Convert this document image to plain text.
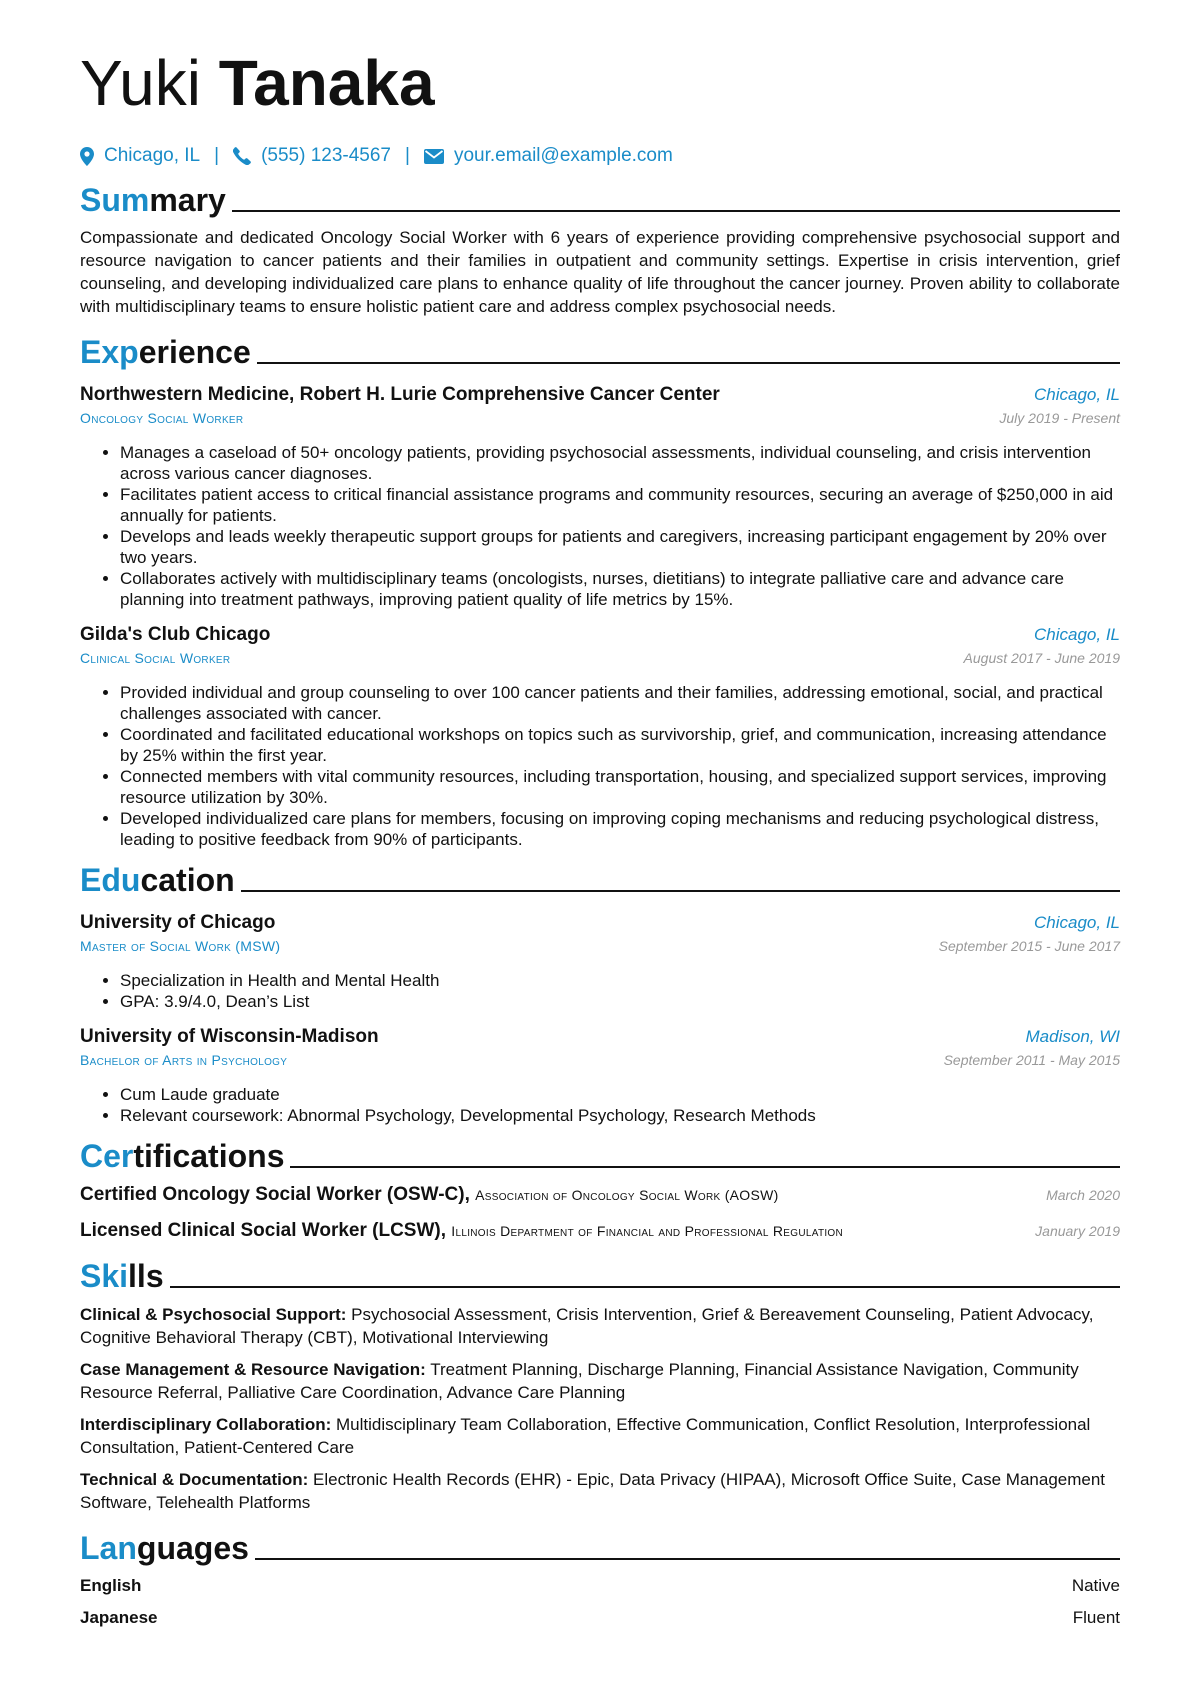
Yuki Tanaka
Chicago, IL | (555) 123-4567 | your.email@example.com
Summary
Compassionate and dedicated Oncology Social Worker with 6 years of experience providing comprehensive psychosocial support and resource navigation to cancer patients and their families in outpatient and community settings. Expertise in crisis intervention, grief counseling, and developing individualized care plans to enhance quality of life throughout the cancer journey. Proven ability to collaborate with multidisciplinary teams to ensure holistic patient care and address complex psychosocial needs.
Experience
Northwestern Medicine, Robert H. Lurie Comprehensive Cancer Center	Chicago, IL
Oncology Social Worker	July 2019 - Present
• Manages a caseload of 50+ oncology patients, providing psychosocial assessments, individual counseling, and crisis intervention across various cancer diagnoses.
• Facilitates patient access to critical financial assistance programs and community resources, securing an average of $250,000 in aid annually for patients.
• Develops and leads weekly therapeutic support groups for patients and caregivers, increasing participant engagement by 20% over two years.
• Collaborates actively with multidisciplinary teams (oncologists, nurses, dietitians) to integrate palliative care and advance care planning into treatment pathways, improving patient quality of life metrics by 15%.
Gilda's Club Chicago	Chicago, IL
Clinical Social Worker	August 2017 - June 2019
• Provided individual and group counseling to over 100 cancer patients and their families, addressing emotional, social, and practical challenges associated with cancer.
• Coordinated and facilitated educational workshops on topics such as survivorship, grief, and communication, increasing attendance by 25% within the first year.
• Connected members with vital community resources, including transportation, housing, and specialized support services, improving resource utilization by 30%.
• Developed individualized care plans for members, focusing on improving coping mechanisms and reducing psychological distress, leading to positive feedback from 90% of participants.
Education
University of Chicago	Chicago, IL
Master of Social Work (MSW)	September 2015 - June 2017
• Specialization in Health and Mental Health
• GPA: 3.9/4.0, Dean’s List
University of Wisconsin-Madison	Madison, WI
Bachelor of Arts in Psychology	September 2011 - May 2015
• Cum Laude graduate
• Relevant coursework: Abnormal Psychology, Developmental Psychology, Research Methods
Certifications
Certified Oncology Social Worker (OSW-C), Association of Oncology Social Work (AOSW)	March 2020
Licensed Clinical Social Worker (LCSW), Illinois Department of Financial and Professional Regulation	January 2019
Skills
Clinical & Psychosocial Support: Psychosocial Assessment, Crisis Intervention, Grief & Bereavement Counseling, Patient Advocacy, Cognitive Behavioral Therapy (CBT), Motivational Interviewing
Case Management & Resource Navigation: Treatment Planning, Discharge Planning, Financial Assistance Navigation, Community Resource Referral, Palliative Care Coordination, Advance Care Planning
Interdisciplinary Collaboration: Multidisciplinary Team Collaboration, Effective Communication, Conflict Resolution, Interprofessional Consultation, Patient-Centered Care
Technical & Documentation: Electronic Health Records (EHR) - Epic, Data Privacy (HIPAA), Microsoft Office Suite, Case Management Software, Telehealth Platforms
Languages
English	Native
Japanese	Fluent
